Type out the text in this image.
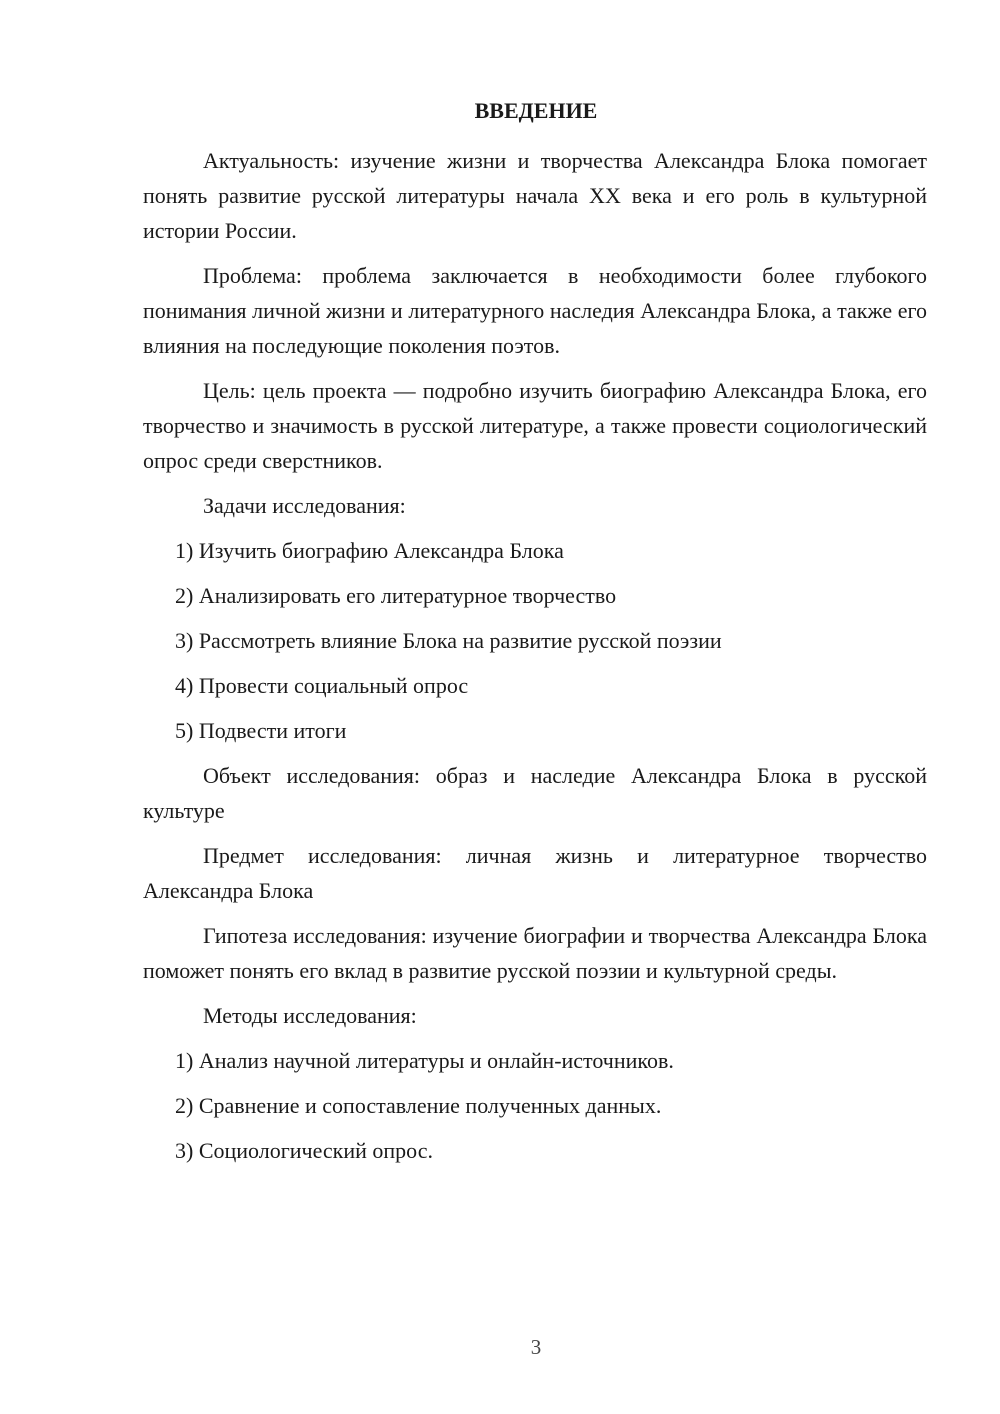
ВВЕДЕНИЕ

Актуальность: изучение жизни и творчества Александра Блока помогает понять развитие русской литературы начала XX века и его роль в культурной истории России.

Проблема: проблема заключается в необходимости более глубокого понимания личной жизни и литературного наследия Александра Блока, а также его влияния на последующие поколения поэтов.

Цель: цель проекта — подробно изучить биографию Александра Блока, его творчество и значимость в русской литературе, а также провести социологический опрос среди сверстников.

Задачи исследования:

1) Изучить биографию Александра Блока
2) Анализировать его литературное творчество
3) Рассмотреть влияние Блока на развитие русской поэзии
4) Провести социальный опрос
5) Подвести итоги

Объект исследования: образ и наследие Александра Блока в русской культуре

Предмет исследования: личная жизнь и литературное творчество Александра Блока

Гипотеза исследования: изучение биографии и творчества Александра Блока поможет понять его вклад в развитие русской поэзии и культурной среды.

Методы исследования:

1) Анализ научной литературы и онлайн-источников.
2) Сравнение и сопоставление полученных данных.
3) Социологический опрос.
3
